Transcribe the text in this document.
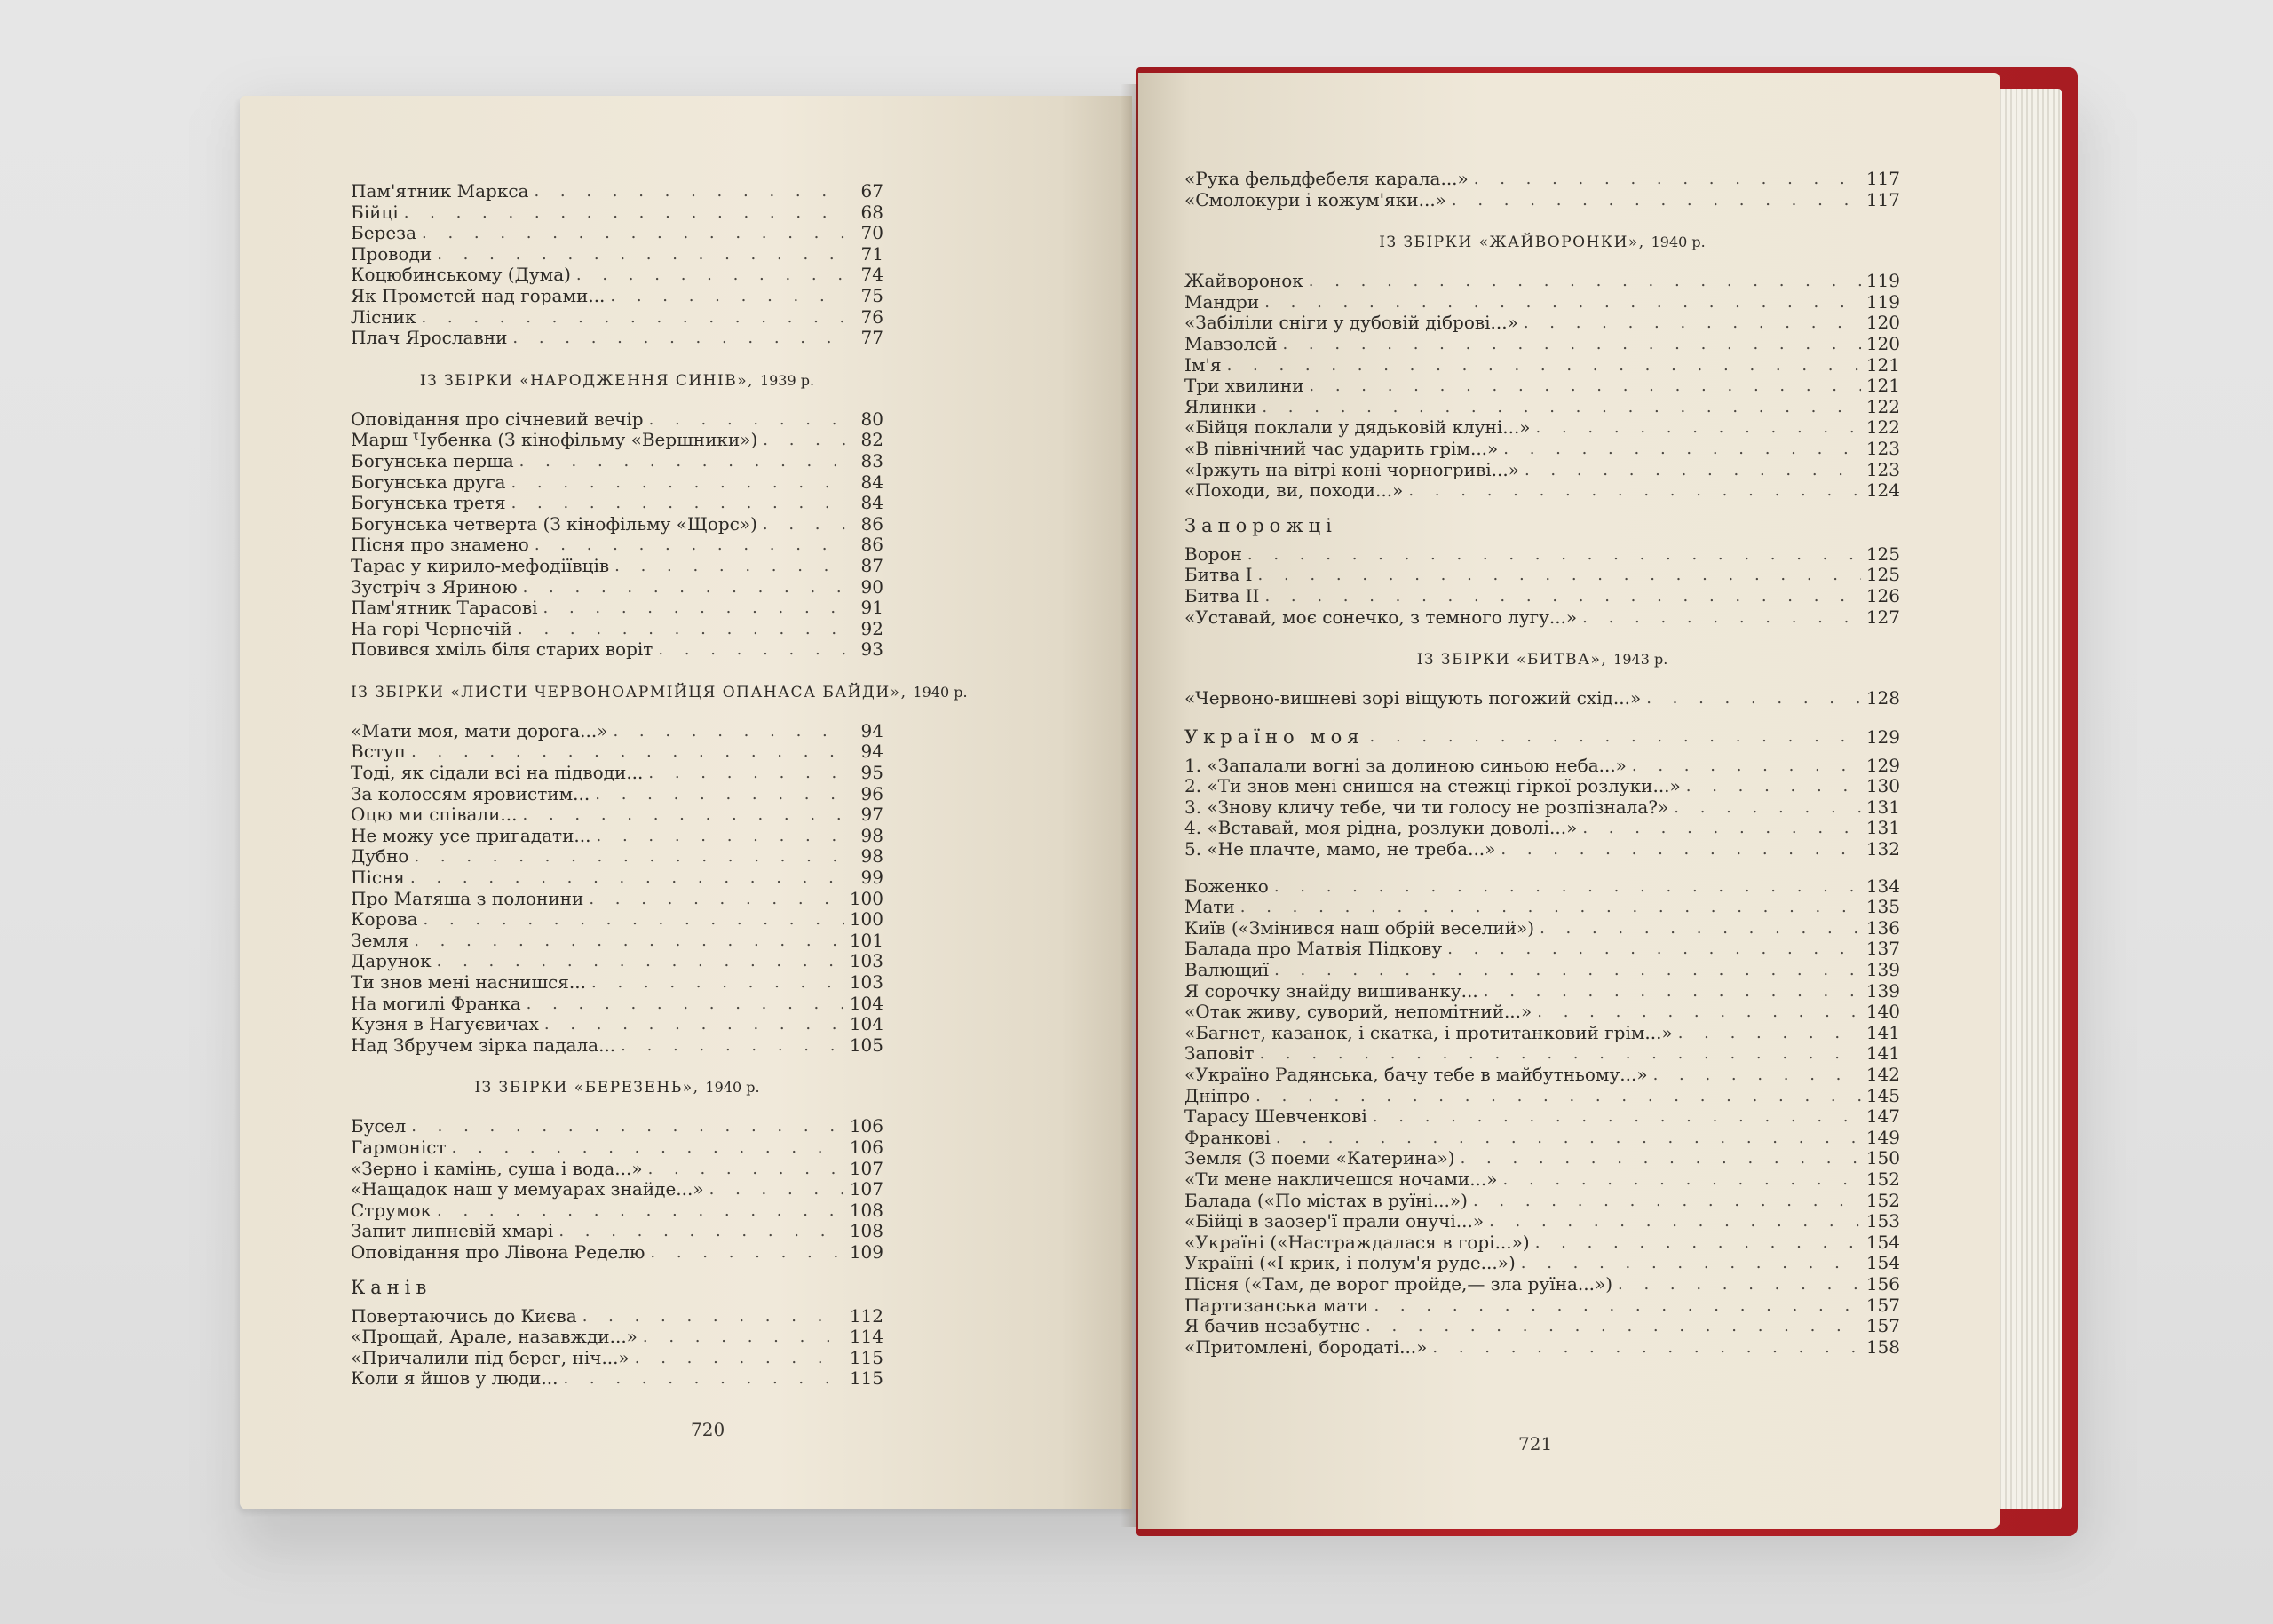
Пам'ятник Маркса . . .	67
Бійці . . .	68
Береза . . .	70
Проводи . . .	71
Коцюбинському (Дума) . . .	74
Як Прометей над горами... . . .	75
Лісник . . .	76
Плач Ярославни . . .	77
ІЗ ЗБІРКИ «НАРОДЖЕННЯ СИНІВ», 1939 р.
Оповідання про січневий вечір . . .	80
Марш Чубенка (З кінофільму «Вершники») . . .	82
Богунська перша . . .	83
Богунська друга . . .	84
Богунська третя . . .	84
Богунська четверта (З кінофільму «Щорс») . . .	86
Пісня про знамено . . .	86
Тарас у кирило-мефодіївців . . .	87
Зустріч з Яриною . . .	90
Пам'ятник Тарасові . . .	91
На горі Чернечій . . .	92
Повився хміль біля старих воріт . . .	93
ІЗ ЗБІРКИ «ЛИСТИ ЧЕРВОНОАРМІЙЦЯ ОПАНАСА БАЙДИ», 1940 р.
«Мати моя, мати дорога...» . . .	94
Вступ . . .	94
Тоді, як сідали всі на підводи... . . .	95
За колоссям яровистим... . . .	96
Оцю ми співали... . . .	97
Не можу усе пригадати... . . .	98
Дубно . . .	98
Пісня . . .	99
Про Матяша з полонини . . .	100
Корова . . .	100
Земля . . .	101
Дарунок . . .	103
Ти знов мені наснишся... . . .	103
На могилі Франка . . .	104
Кузня в Нагуєвичах . . .	104
Над Збручем зірка падала... . . .	105
ІЗ ЗБІРКИ «БЕРЕЗЕНЬ», 1940 р.
Бусел . . .	106
Гармоніст . . .	106
«Зерно і камінь, суша і вода...» . . .	107
«Нащадок наш у мемуарах знайде...» . . .	107
Струмок . . .	108
Запит липневій хмарі . . .	108
Оповідання про Лівона Ределю . . .	109
Канів
Повертаючись до Києва . . .	112
«Прощай, Арале, назавжди...» . . .	114
«Причалили під берег, ніч...» . . .	115
Коли я йшов у люди... . . .	115
720
«Рука фельдфебеля карала...» . . .	117
«Смолокури і кожум'яки...» . . .	117
ІЗ ЗБІРКИ «ЖАЙВОРОНКИ», 1940 р.
Жайворонок . . .	119
Мандри . . .	119
«Забіліли сніги у дубовій діброві...» . . .	120
Мавзолей . . .	120
Ім'я . . .	121
Три хвилини . . .	121
Ялинки . . .	122
«Бійця поклали у дядьковій клуні...» . . .	122
«В північний час ударить грім...» . . .	123
«Іржуть на вітрі коні чорногриві...» . . .	123
«Походи, ви, походи...» . . .	124
Запорожці
Ворон . . .	125
Битва I . . .	125
Битва II . . .	126
«Уставай, моє сонечко, з темного лугу...» . . .	127
ІЗ ЗБІРКИ «БИТВА», 1943 р.
«Червоно-вишневі зорі віщують погожий схід...» . . .	128
Україно моя . . .	129
1. «Запалали вогні за долиною синьою неба...» . . .	129
2. «Ти знов мені снишся на стежці гіркої розлуки...» . . .	130
3. «Знову кличу тебе, чи ти голосу не розпізнала?» . . .	131
4. «Вставай, моя рідна, розлуки доволі...» . . .	131
5. «Не плачте, мамо, не треба...» . . .	132
Боженко . . .	134
Мати . . .	135
Київ («Змінився наш обрій веселий») . . .	136
Балада про Матвія Підкову . . .	137
Валющиї . . .	139
Я сорочку знайду вишиванку... . . .	139
«Отак живу, суворий, непомітний...» . . .	140
«Багнет, казанок, і скатка, і протитанковий грім...» . . .	141
Заповіт . . .	141
«Україно Радянська, бачу тебе в майбутньому...» . . .	142
Дніпро . . .	145
Тарасу Шевченкові . . .	147
Франкові . . .	149
Земля (З поеми «Катерина») . . .	150
«Ти мене накличешся ночами...» . . .	152
Балада («По містах в руїні...») . . .	152
«Бійці в заозер'ї прали онучі...» . . .	153
«Україні («Настраждалася в горі...») . . .	154
Україні («І крик, і полум'я руде...») . . .	154
Пісня («Там, де ворог пройде,— зла руїна...») . . .	156
Партизанська мати . . .	157
Я бачив незабутнє . . .	157
«Притомлені, бородаті...» . . .	158
721
